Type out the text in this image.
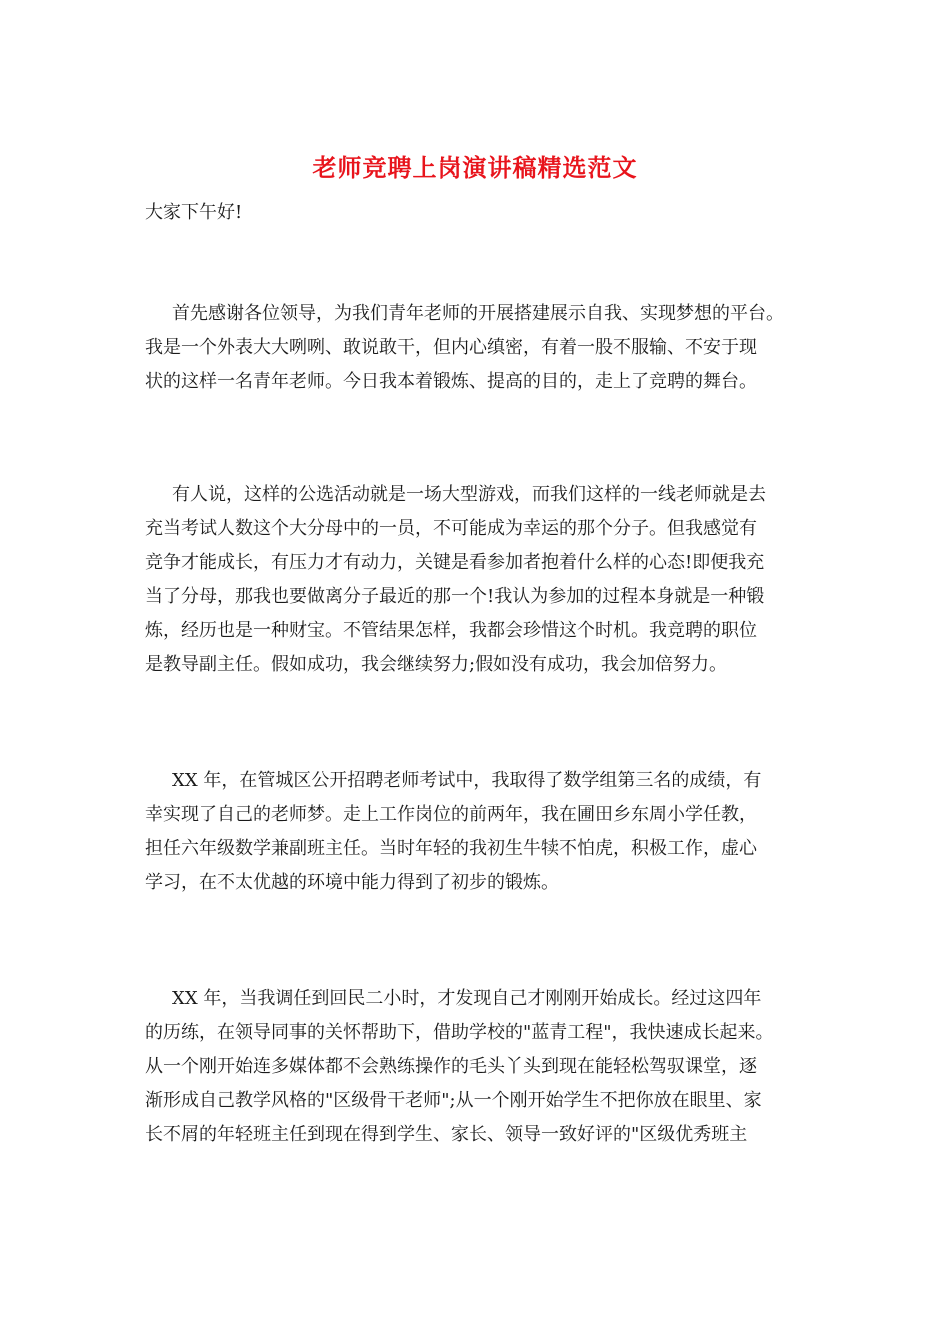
老师竞聘上岗演讲稿精选范文
大家下午好!
首先感谢各位领导，为我们青年老师的开展搭建展示自我、实现梦想的平台。
我是一个外表大大咧咧、敢说敢干，但内心缜密，有着一股不服输、不安于现
状的这样一名青年老师。今日我本着锻炼、提高的目的，走上了竞聘的舞台。
有人说，这样的公选活动就是一场大型游戏，而我们这样的一线老师就是去
充当考试人数这个大分母中的一员，不可能成为幸运的那个分子。但我感觉有
竞争才能成长，有压力才有动力，关键是看参加者抱着什么样的心态!即便我充
当了分母，那我也要做离分子最近的那一个!我认为参加的过程本身就是一种锻
炼，经历也是一种财宝。不管结果怎样，我都会珍惜这个时机。我竞聘的职位
是教导副主任。假如成功，我会继续努力;假如没有成功，我会加倍努力。
XX 年，在管城区公开招聘老师考试中，我取得了数学组第三名的成绩，有
幸实现了自己的老师梦。走上工作岗位的前两年，我在圃田乡东周小学任教，
担任六年级数学兼副班主任。当时年轻的我初生牛犊不怕虎，积极工作，虚心
学习，在不太优越的环境中能力得到了初步的锻炼。
XX 年，当我调任到回民二小时，才发现自己才刚刚开始成长。经过这四年
的历练，在领导同事的关怀帮助下，借助学校的"蓝青工程"，我快速成长起来。
从一个刚开始连多媒体都不会熟练操作的毛头丫头到现在能轻松驾驭课堂，逐
渐形成自己教学风格的"区级骨干老师";从一个刚开始学生不把你放在眼里、家
长不屑的年轻班主任到现在得到学生、家长、领导一致好评的"区级优秀班主
